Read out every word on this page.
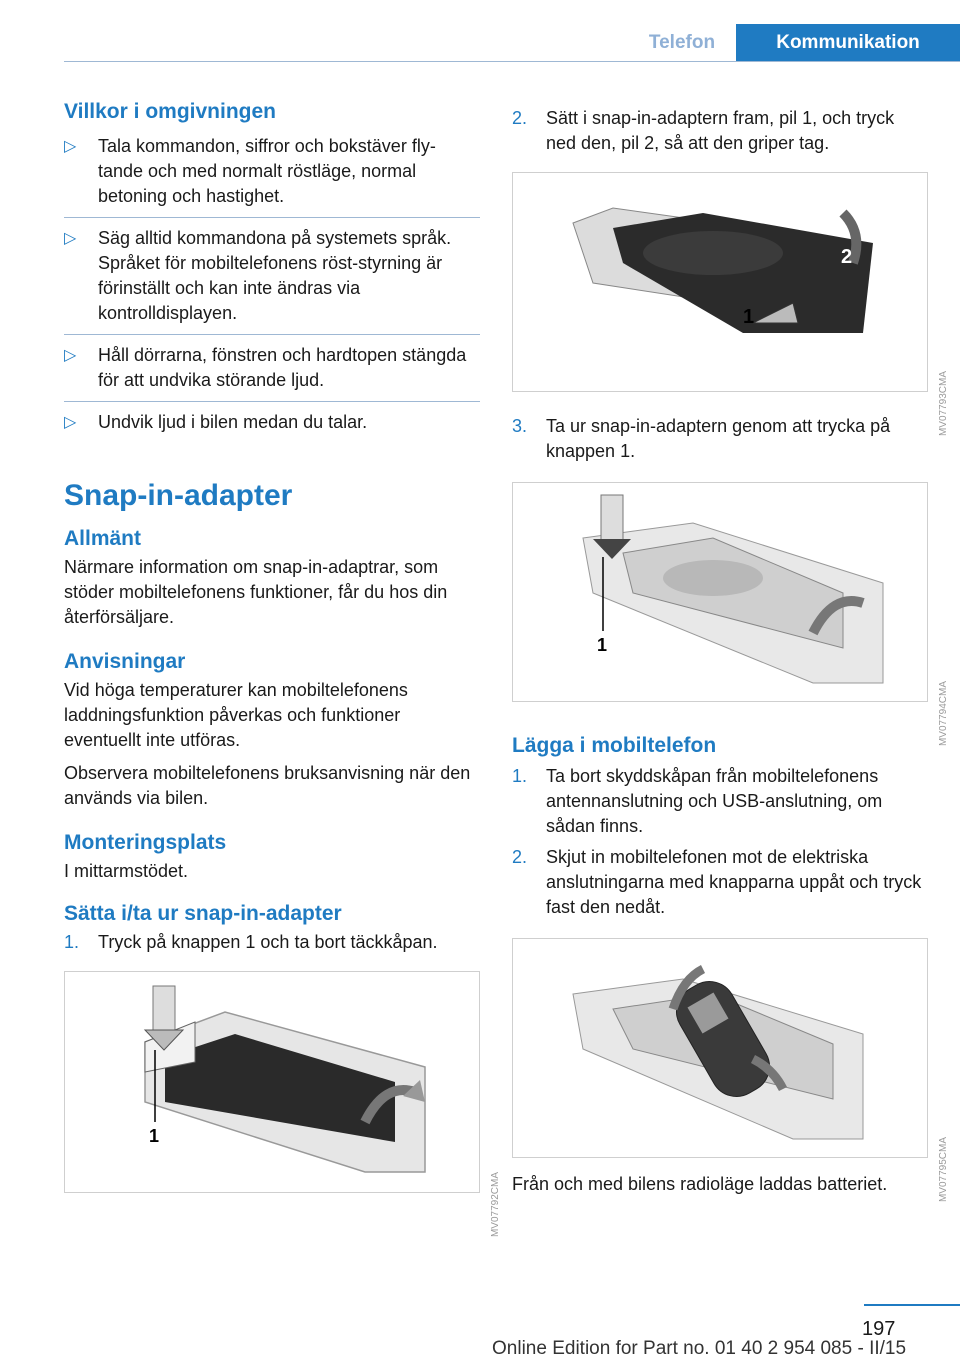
Telefon	Kommunikation
Villkor i omgivningen
▷ Tala kommandon, siffror och bokstäver fly-tande och med normalt röstläge, normal betoning och hastighet.
▷ Säg alltid kommandona på systemets språk. Språket för mobiltelefonens röst-styrning är förinställt och kan inte ändras via kontrolldisplayen.
▷ Håll dörrarna, fönstren och hardtopen stängda för att undvika störande ljud.
▷ Undvik ljud i bilen medan du talar.
Snap-in-adapter
Allmänt

Närmare information om snap-in-adaptrar, som stöder mobiltelefonens funktioner, får du hos din återförsäljare.

Anvisningar

Vid höga temperaturer kan mobiltelefonens laddningsfunktion påverkas och funktioner eventuellt inte utföras.

Observera mobiltelefonens bruksanvisning när den används via bilen.

Monteringsplats

I mittarmstödet.

Sätta i/ta ur snap-in-adapter
1. Tryck på knappen 1 och ta bort täckkåpan.
1
MV07792CMA
2. Sätt i snap-in-adaptern fram, pil 1, och tryck ned den, pil 2, så att den griper tag.
2
1
MV07793CMA
3. Ta ur snap-in-adaptern genom att trycka på knappen 1.
1
MV07794CMA
Lägga i mobiltelefon
1. Ta bort skyddskåpan från mobiltelefonens antennanslutning och USB-anslutning, om sådan finns.
2. Skjut in mobiltelefonen mot de elektriska anslutningarna med knapparna uppåt och tryck fast den nedåt.
MV07795CMA

Från och med bilens radioläge laddas batteriet.

197
Online Edition for Part no. 01 40 2 954 085 - II/15
